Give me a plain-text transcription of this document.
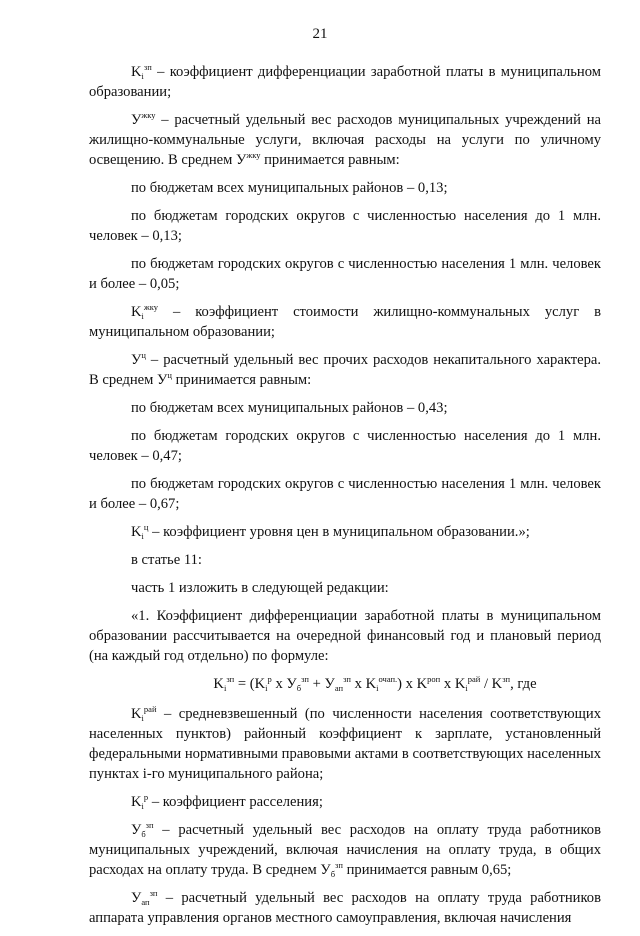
21

$K_i^{зп}$ – коэффициент дифференциации заработной платы в муниципальном образовании;

$У^{жку}$ – расчетный удельный вес расходов муниципальных учреждений на жилищно-коммунальные услуги, включая расходы на услуги по уличному освещению. В среднем $У^{жку}$ принимается равным:

по бюджетам всех муниципальных районов – 0,13;

по бюджетам городских округов с численностью населения до 1 млн. человек – 0,13;

по бюджетам городских округов с численностью населения 1 млн. человек и более – 0,05;

$K_i^{жку}$ – коэффициент стоимости жилищно-коммунальных услуг в муниципальном образовании;

$У^ц$ – расчетный удельный вес прочих расходов некапитального характера. В среднем $У^ц$ принимается равным:

по бюджетам всех муниципальных районов – 0,43;

по бюджетам городских округов с численностью населения до 1 млн. человек – 0,47;

по бюджетам городских округов с численностью населения 1 млн. человек и более – 0,67;

$K_i^ц$ – коэффициент уровня цен в муниципальном образовании.»;

в статье 11:

часть 1 изложить в следующей редакции:

«1. Коэффициент дифференциации заработной платы в муниципальном образовании рассчитывается на очередной финансовый год и плановый период (на каждый год отдельно) по формуле:

$K_i^{зп} = (K_i^р$ х $У_б^{зп} + У_{ап}^{зп}$ х $K_i^{очап.}$) х $K^{роп}$ х $K_i^{рай} / K^{зп}$, где

$K_i^{рай}$ – средневзвешенный (по численности населения соответствующих населенных пунктов) районный коэффициент к зарплате, установленный федеральными нормативными правовыми актами в соответствующих населенных пунктах i-го муниципального района;

$K_i^р$ – коэффициент расселения;

$У_б^{зп}$ – расчетный удельный вес расходов на оплату труда работников муниципальных учреждений, включая начисления на оплату труда, в общих расходах на оплату труда. В среднем $У_б^{зп}$ принимается равным 0,65;

$У_{ап}^{зп}$ – расчетный удельный вес расходов на оплату труда работников аппарата управления органов местного самоуправления, включая начисления
